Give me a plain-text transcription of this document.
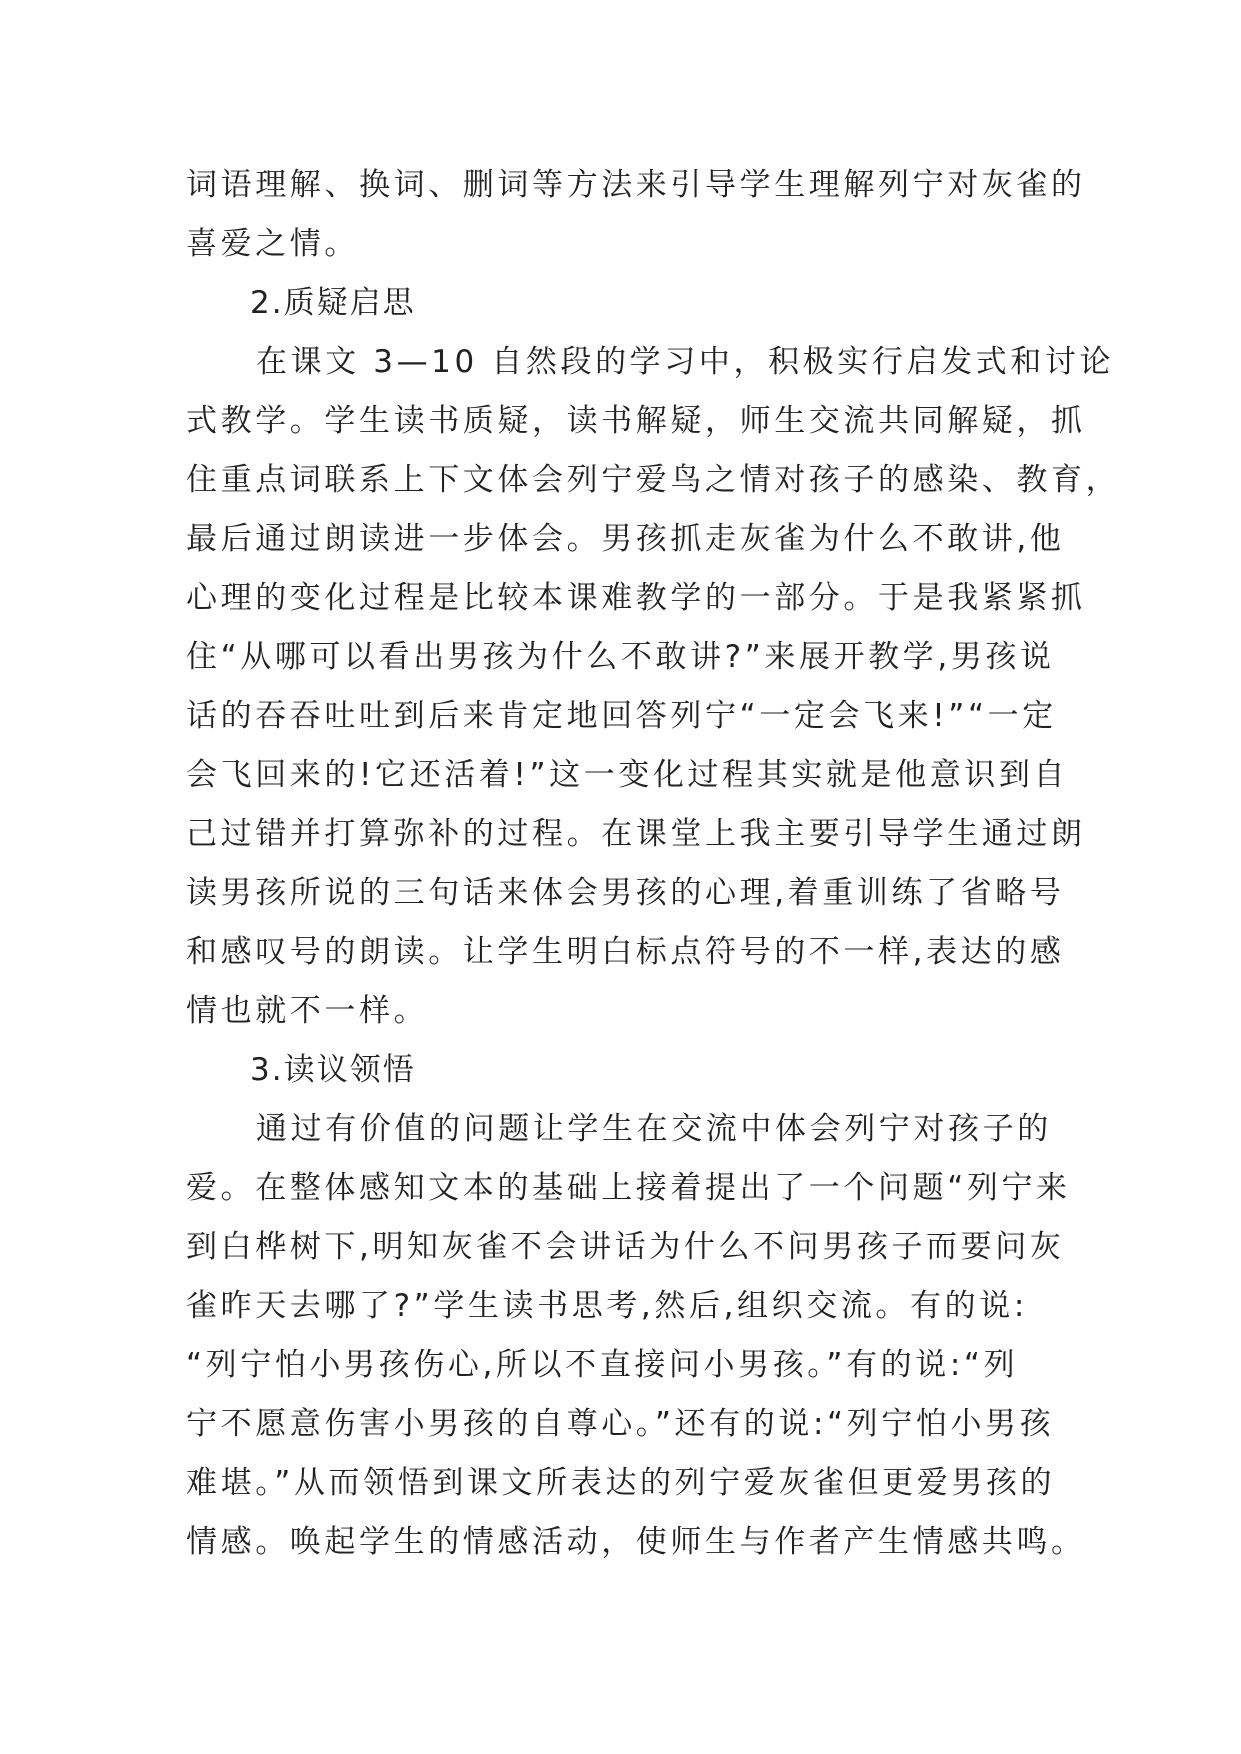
词语理解、换词、删词等方法来引导学生理解列宁对灰雀的
喜爱之情。
2.质疑启思
在课文 3—10 自然段的学习中，积极实行启发式和讨论
式教学。学生读书质疑，读书解疑，师生交流共同解疑，抓
住重点词联系上下文体会列宁爱鸟之情对孩子的感染、教育，
最后通过朗读进一步体会。男孩抓走灰雀为什么不敢讲,他
心理的变化过程是比较本课难教学的一部分。于是我紧紧抓
住“从哪可以看出男孩为什么不敢讲?”来展开教学,男孩说
话的吞吞吐吐到后来肯定地回答列宁“一定会飞来!”“一定
会飞回来的!它还活着!”这一变化过程其实就是他意识到自
己过错并打算弥补的过程。在课堂上我主要引导学生通过朗
读男孩所说的三句话来体会男孩的心理,着重训练了省略号
和感叹号的朗读。让学生明白标点符号的不一样,表达的感
情也就不一样。
3.读议领悟
通过有价值的问题让学生在交流中体会列宁对孩子的
爱。在整体感知文本的基础上接着提出了一个问题“列宁来
到白桦树下,明知灰雀不会讲话为什么不问男孩子而要问灰
雀昨天去哪了?”学生读书思考,然后,组织交流。有的说:
“列宁怕小男孩伤心,所以不直接问小男孩。”有的说:“列
宁不愿意伤害小男孩的自尊心。”还有的说:“列宁怕小男孩
难堪。”从而领悟到课文所表达的列宁爱灰雀但更爱男孩的
情感。唤起学生的情感活动，使师生与作者产生情感共鸣。
